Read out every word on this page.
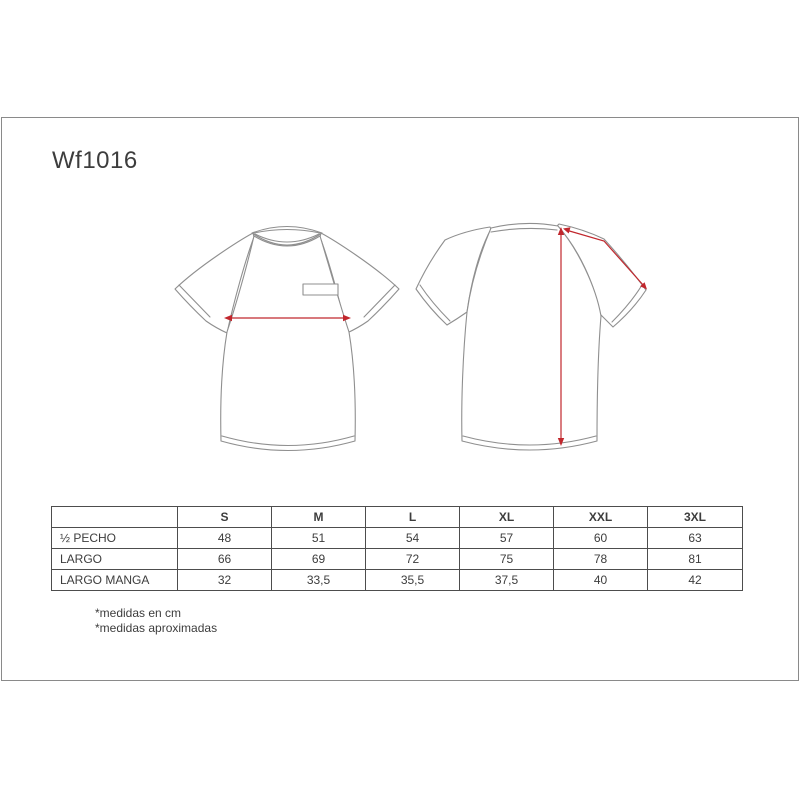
Wf1016
	S	M	L	XL	XXL	3XL
½ PECHO	48	51	54	57	60	63
LARGO	66	69	72	75	78	81
LARGO MANGA	32	33,5	35,5	37,5	40	42
*medidas en cm
*medidas aproximadas
